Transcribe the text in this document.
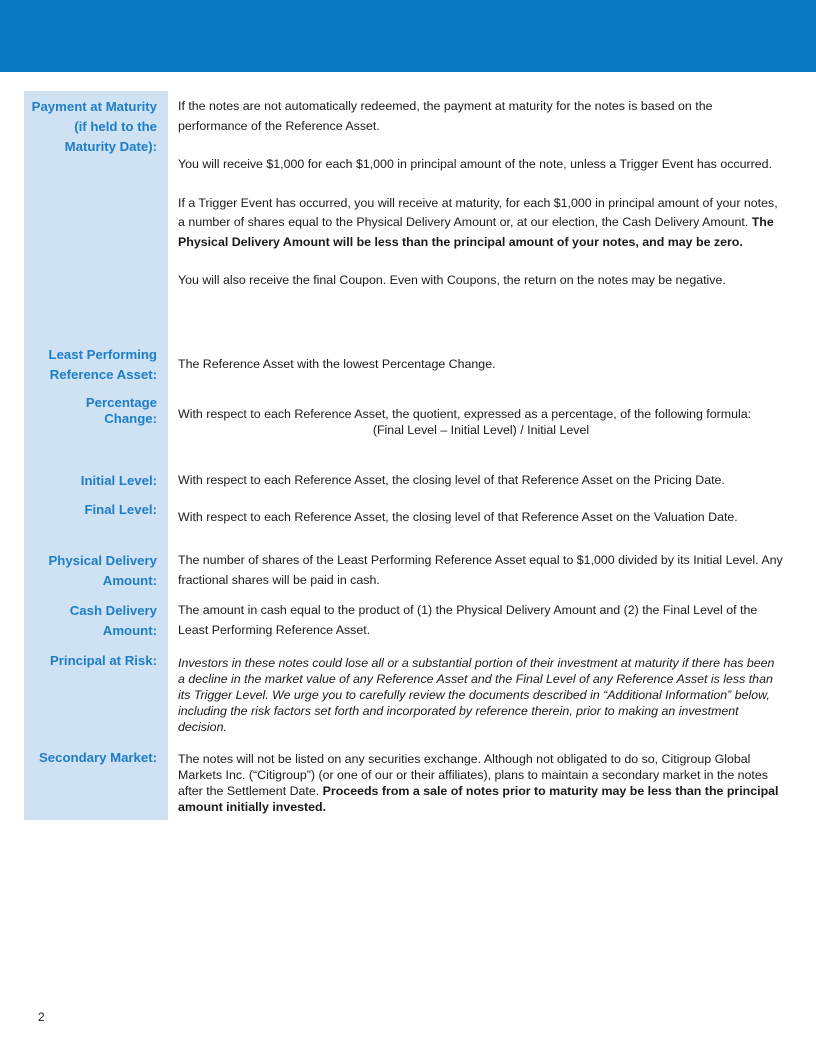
Payment at Maturity (if held to the Maturity Date):

If the notes are not automatically redeemed, the payment at maturity for the notes is based on the performance of the Reference Asset.

You will receive $1,000 for each $1,000 in principal amount of the note, unless a Trigger Event has occurred.

If a Trigger Event has occurred, you will receive at maturity, for each $1,000 in principal amount of your notes, a number of shares equal to the Physical Delivery Amount or, at our election, the Cash Delivery Amount. The Physical Delivery Amount will be less than the principal amount of your notes, and may be zero.

You will also receive the final Coupon. Even with Coupons, the return on the notes may be negative.

Least Performing Reference Asset:
The Reference Asset with the lowest Percentage Change.
Percentage Change:	With respect to each Reference Asset, the quotient, expressed as a percentage, of the following formula:
(Final Level – Initial Level) / Initial Level
Initial Level:	With respect to each Reference Asset, the closing level of that Reference Asset on the Pricing Date.
Final Level:	With respect to each Reference Asset, the closing level of that Reference Asset on the Valuation Date.
Physical Delivery Amount:
The number of shares of the Least Performing Reference Asset equal to $1,000 divided by its Initial Level. Any fractional shares will be paid in cash.
Cash Delivery Amount:
The amount in cash equal to the product of (1) the Physical Delivery Amount and (2) the Final Level of the Least Performing Reference Asset.
Principal at Risk:	Investors in these notes could lose all or a substantial portion of their investment at maturity if there has been a decline in the market value of any Reference Asset and the Final Level of any Reference Asset is less than its Trigger Level. We urge you to carefully review the documents described in “Additional Information” below, including the risk factors set forth and incorporated by reference therein, prior to making an investment decision.
Secondary Market:	The notes will not be listed on any securities exchange. Although not obligated to do so, Citigroup Global Markets Inc. (“Citigroup”) (or one of our or their affiliates), plans to maintain a secondary market in the notes after the Settlement Date. Proceeds from a sale of notes prior to maturity may be less than the principal amount initially invested.
2
